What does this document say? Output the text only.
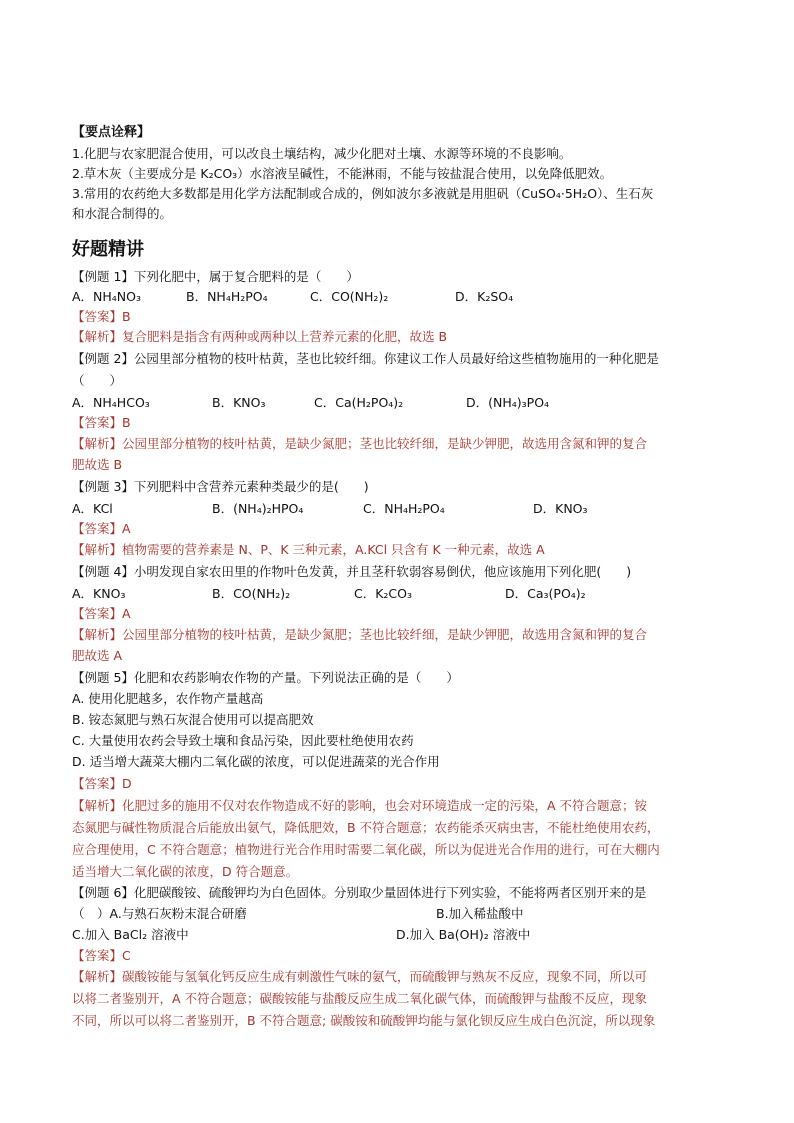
【要点诠释】
1.化肥与农家肥混合使用，可以改良土壤结构，减少化肥对土壤、水源等环境的不良影响。
2.草木灰（主要成分是 K₂CO₃）水溶液呈碱性，不能淋雨，不能与铵盐混合使用，以免降低肥效。
3.常用的农药绝大多数都是用化学方法配制或合成的，例如波尔多液就是用胆矾（CuSO₄·5H₂O）、生石灰
和水混合制得的。
好题精讲
【例题 1】下列化肥中，属于复合肥料的是（　　）
A．NH₄NO₃	B．NH₄H₂PO₄	C．CO(NH₂)₂	D．K₂SO₄
【答案】B
【解析】复合肥料是指含有两种或两种以上营养元素的化肥，故选 B
【例题 2】公园里部分植物的枝叶枯黄，茎也比较纤细。你建议工作人员最好给这些植物施用的一种化肥是
（　　）
A．NH₄HCO₃	B．KNO₃	C．Ca(H₂PO₄)₂	D．(NH₄)₃PO₄
【答案】B
【解析】公园里部分植物的枝叶枯黄，是缺少氮肥；茎也比较纤细，是缺少钾肥，故选用含氮和钾的复合
肥故选 B
【例题 3】下列肥料中含营养元素种类最少的是(　　)
A．KCl	B．(NH₄)₂HPO₄	C．NH₄H₂PO₄	D．KNO₃
【答案】A
【解析】植物需要的营养素是 N、P、K 三种元素，A.KCl 只含有 K 一种元素，故选 A
【例题 4】小明发现自家农田里的作物叶色发黄，并且茎秆软弱容易倒伏，他应该施用下列化肥(　　)
A．KNO₃	B．CO(NH₂)₂	C．K₂CO₃	D．Ca₃(PO₄)₂
【答案】A
【解析】公园里部分植物的枝叶枯黄，是缺少氮肥；茎也比较纤细，是缺少钾肥，故选用含氮和钾的复合
肥故选 A
【例题 5】化肥和农药影响农作物的产量。下列说法正确的是（　　）
A. 使用化肥越多，农作物产量越高
B. 铵态氮肥与熟石灰混合使用可以提高肥效
C. 大量使用农药会导致土壤和食品污染，因此要杜绝使用农药
D. 适当增大蔬菜大棚内二氧化碳的浓度，可以促进蔬菜的光合作用
【答案】D
【解析】化肥过多的施用不仅对农作物造成不好的影响，也会对环境造成一定的污染，A 不符合题意；铵
态氮肥与碱性物质混合后能放出氨气，降低肥效，B 不符合题意；农药能杀灭病虫害，不能杜绝使用农药，
应合理使用，C 不符合题意；植物进行光合作用时需要二氧化碳，所以为促进光合作用的进行，可在大棚内
适当增大二氧化碳的浓度，D 符合题意。
【例题 6】化肥碳酸铵、硫酸钾均为白色固体。分别取少量固体进行下列实验，不能将两者区别开来的是
（　）A.与熟石灰粉末混合研磨	B.加入稀盐酸中
C.加入 BaCl₂ 溶液中	D.加入 Ba(OH)₂ 溶液中
【答案】C
【解析】碳酸铵能与氢氧化钙反应生成有刺激性气味的氨气，而硫酸钾与熟灰不反应，现象不同，所以可
以将二者鉴别开，A 不符合题意；碳酸铵能与盐酸反应生成二氧化碳气体，而硫酸钾与盐酸不反应，现象
不同，所以可以将二者鉴别开，B 不符合题意; 碳酸铵和硫酸钾均能与氯化钡反应生成白色沉淀，所以现象
